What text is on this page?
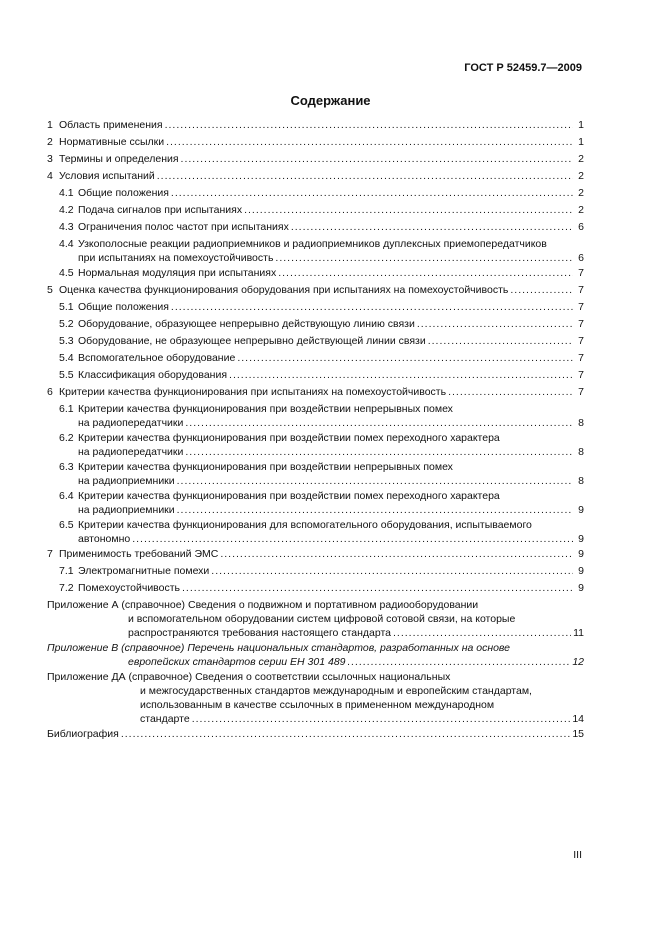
ГОСТ Р 52459.7—2009
Содержание
1 Область применения .....	1
2 Нормативные ссылки .....	1
3 Термины и определения .....	2
4 Условия испытаний .....	2
4.1 Общие положения .....	2
4.2 Подача сигналов при испытаниях .....	2
4.3 Ограничения полос частот при испытаниях .....	6
4.4 Узкополосные реакции радиоприемников и радиоприемников дуплексных приемопередатчиков
при испытаниях на помехоустойчивость .....	6
4.5 Нормальная модуляция при испытаниях .....	7
5 Оценка качества функционирования оборудования при испытаниях на помехоустойчивость .....	7
5.1 Общие положения .....	7
5.2 Оборудование, образующее непрерывно действующую линию связи .....	7
5.3 Оборудование, не образующее непрерывно действующей линии связи .....	7
5.4 Вспомогательное оборудование .....	7
5.5 Классификация оборудования .....	7
6 Критерии качества функционирования при испытаниях на помехоустойчивость .....	7
6.1 Критерии качества функционирования при воздействии непрерывных помех
на радиопередатчики .....	8
6.2 Критерии качества функционирования при воздействии помех переходного характера
на радиопередатчики .....	8
6.3 Критерии качества функционирования при воздействии непрерывных помех
на радиоприемники .....	8
6.4 Критерии качества функционирования при воздействии помех переходного характера
на радиоприемники .....	9
6.5 Критерии качества функционирования для вспомогательного оборудования, испытываемого
автономно .....	9
7 Применимость требований ЭМС .....	9
7.1 Электромагнитные помехи .....	9
7.2 Помехоустойчивость .....	9
Приложение А (справочное)
Сведения о подвижном и портативном радиооборудовании
и вспомогательном оборудовании систем цифровой сотовой связи, на которые
распространяются требования настоящего стандарта .....	11
Приложение В (справочное)
Перечень национальных стандартов, разработанных на основе
европейских стандартов серии ЕН 301 489 .....	12
Приложение ДА (справочное)
Сведения о соответствии ссылочных национальных
и межгосударственных стандартов международным и европейским стандартам,
использованным в качестве ссылочных в примененном международном
стандарте .....	14
Библиография .....	15
III
